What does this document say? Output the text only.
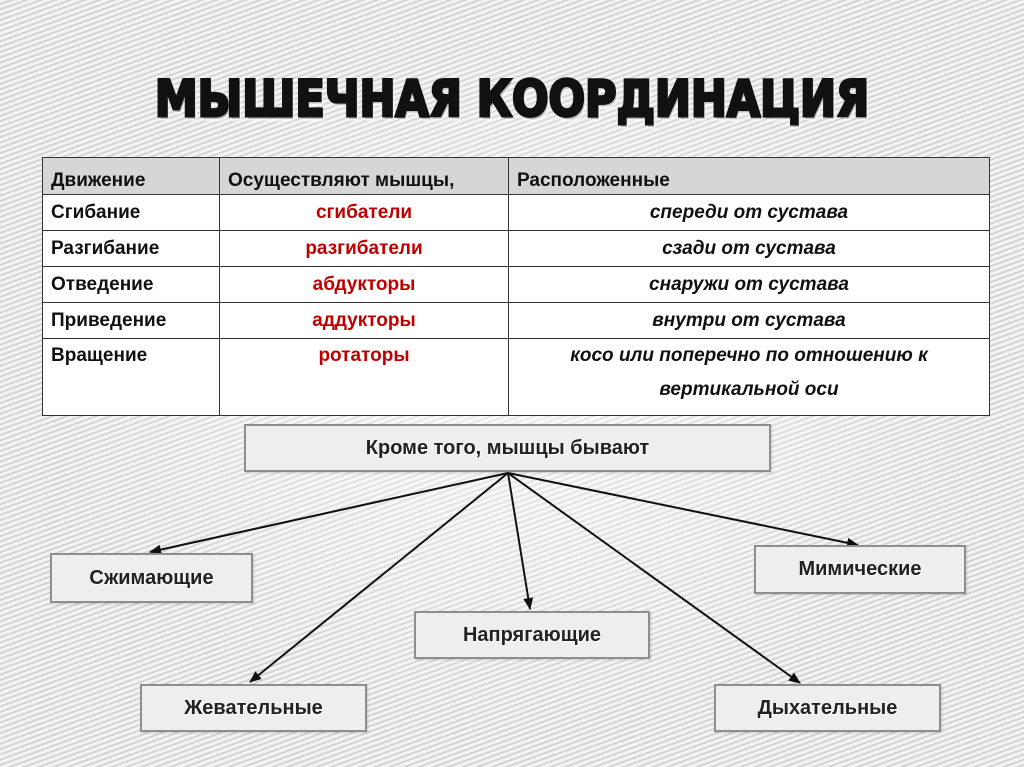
МЫШЕЧНАЯ КООРДИНАЦИЯ
Движение	Осуществляют мышцы,	Расположенные
Сгибание	сгибатели	спереди от сустава
Разгибание	разгибатели	сзади от сустава
Отведение	абдукторы	снаружи от сустава
Приведение	аддукторы	внутри от сустава
Вращение	ротаторы	косо или поперечно по отношению к
вертикальной оси
Кроме того, мышцы бывают
Сжимающие	Мимические
Напрягающие
Жевательные	Дыхательные
